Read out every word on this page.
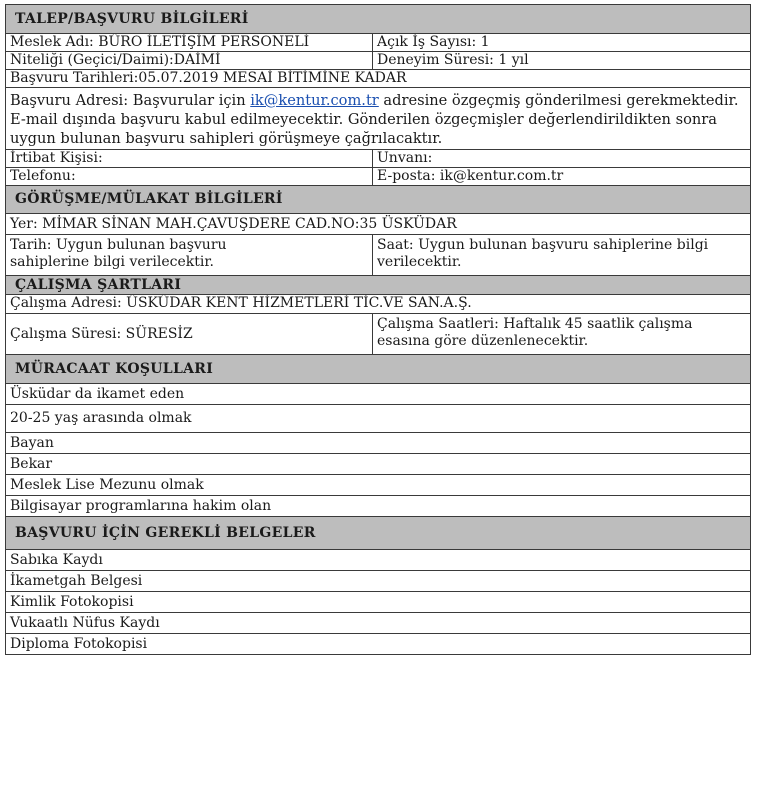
TALEP/BAŞVURU BİLGİLERİ	
Meslek Adı: BÜRO İLETİŞİM PERSONELİ	Açık İş Sayısı: 1
Niteliği (Geçici/Daimi):DAİMİ	Deneyim Süresi: 1 yıl
Başvuru Tarihleri:05.07.2019 MESAİ BİTİMİNE KADAR	
Başvuru Adresi: Başvurular için ik@kentur.com.tr adresine özgeçmiş gönderilmesi gerekmektedir. E-mail dışında başvuru kabul edilmeyecektir. Gönderilen özgeçmişler değerlendirildikten sonra uygun bulunan başvuru sahipleri görüşmeye çağrılacaktır.	
İrtibat Kişisi:	Unvanı:
Telefonu:	E-posta: ik@kentur.com.tr
GÖRÜŞME/MÜLAKAT BİLGİLERİ	
Yer: MİMAR SİNAN MAH.ÇAVUŞDERE CAD.NO:35 ÜSKÜDAR	
Tarih: Uygun bulunan başvuru sahiplerine bilgi verilecektir.	Saat: Uygun bulunan başvuru sahiplerine bilgi verilecektir.
ÇALIŞMA ŞARTLARI	
Çalışma Adresi: ÜSKÜDAR KENT HİZMETLERİ TİC.VE SAN.A.Ş.	
Çalışma Süresi: SÜRESİZ	Çalışma Saatleri: Haftalık 45 saatlik çalışma esasına göre düzenlenecektir.
MÜRACAAT KOŞULLARI	
Üsküdar da ikamet eden	
20-25 yaş arasında olmak	
Bayan	
Bekar	
Meslek Lise Mezunu olmak	
Bilgisayar programlarına hakim olan	
BAŞVURU İÇİN GEREKLİ BELGELER	
Sabıka Kaydı	
İkametgah Belgesi	
Kimlik Fotokopisi	
Vukaatlı Nüfus Kaydı	
Diploma Fotokopisi	
